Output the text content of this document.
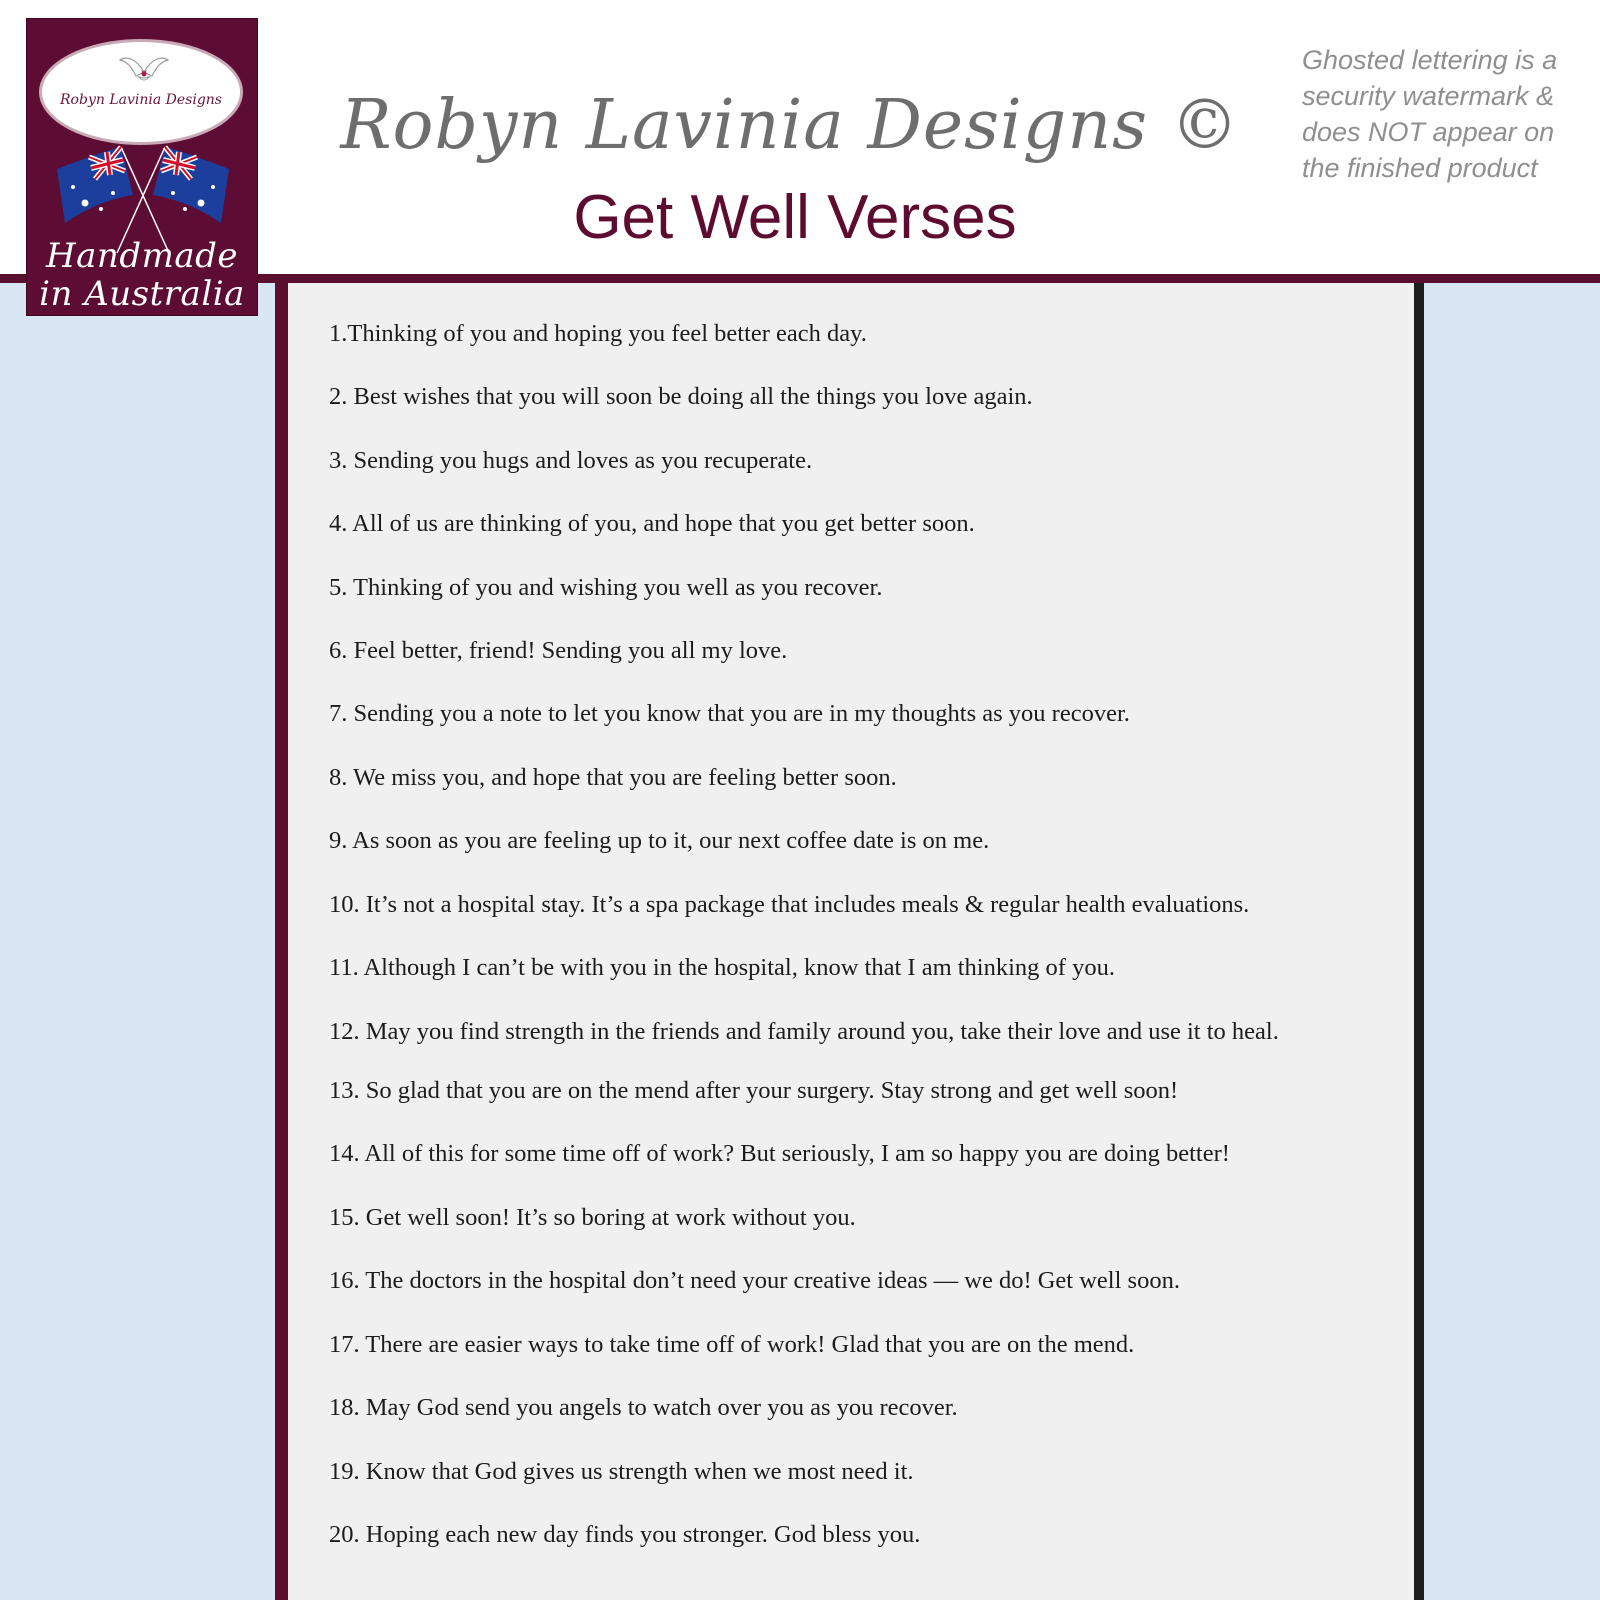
Robyn Lavinia Designs
Handmade
in Australia
Robyn Lavinia Designs ©
Get Well Verses
Ghosted lettering is a security watermark & does NOT appear on the finished product
1.Thinking of you and hoping you feel better each day.
2. Best wishes that you will soon be doing all the things you love again.
3. Sending you hugs and loves as you recuperate.
4. All of us are thinking of you, and hope that you get better soon.
5. Thinking of you and wishing you well as you recover.
6. Feel better, friend! Sending you all my love.
7. Sending you a note to let you know that you are in my thoughts as you recover.
8. We miss you, and hope that you are feeling better soon.
9. As soon as you are feeling up to it, our next coffee date is on me.
10. It’s not a hospital stay. It’s a spa package that includes meals & regular health evaluations.
11. Although I can’t be with you in the hospital, know that I am thinking of you.
12. May you find strength in the friends and family around you, take their love and use it to heal.
13. So glad that you are on the mend after your surgery. Stay strong and get well soon!
14. All of this for some time off of work? But seriously, I am so happy you are doing better!
15. Get well soon! It’s so boring at work without you.
16. The doctors in the hospital don’t need your creative ideas — we do! Get well soon.
17. There are easier ways to take time off of work! Glad that you are on the mend.
18. May God send you angels to watch over you as you recover.
19. Know that God gives us strength when we most need it.
20. Hoping each new day finds you stronger. God bless you.
